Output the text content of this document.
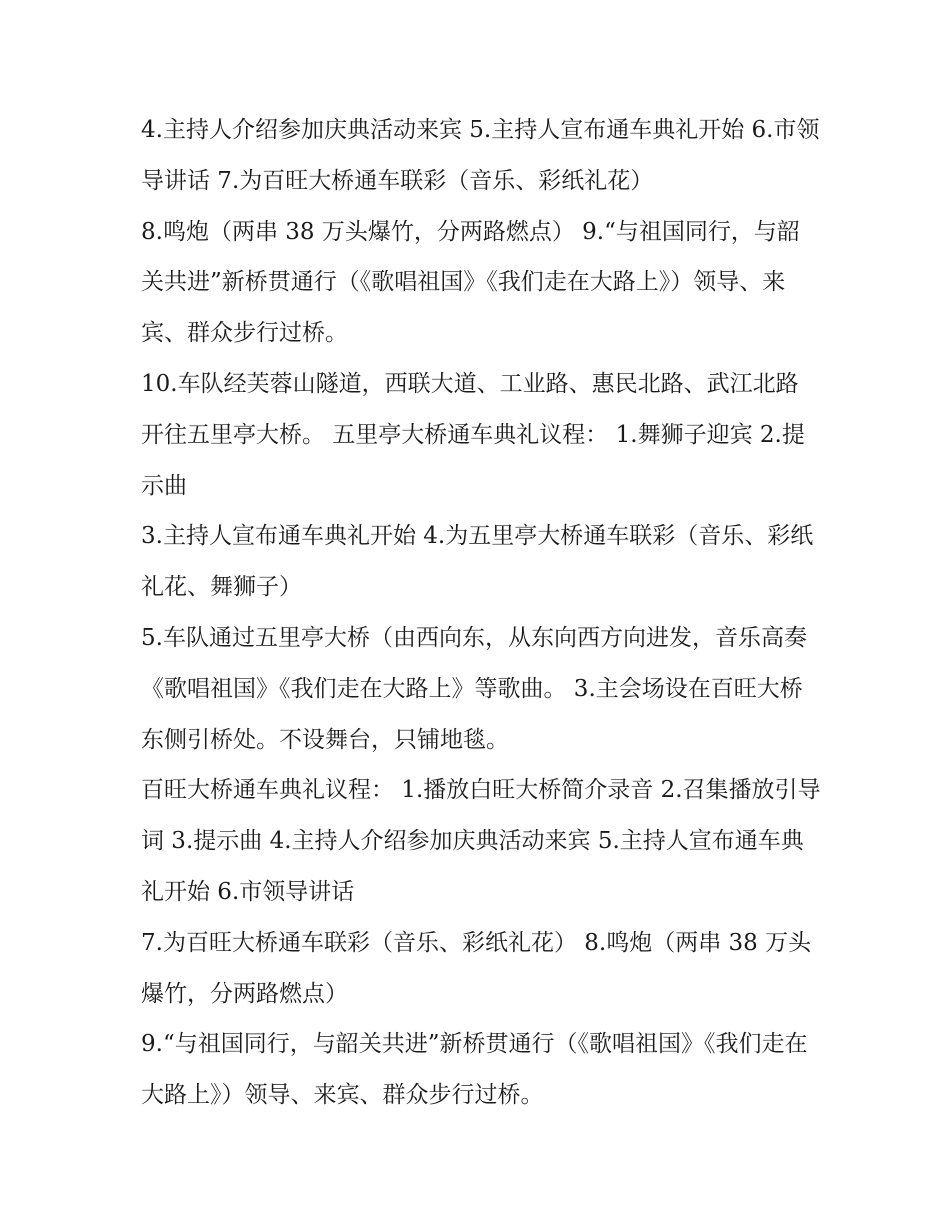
4.主持人介绍参加庆典活动来宾 5.主持人宣布通车典礼开始 6.市领导讲话 7.为百旺大桥通车联彩（音乐、彩纸礼花）

8.鸣炮（两串 38 万头爆竹，分两路燃点） 9.“与祖国同行，与韶关共进”新桥贯通行（《歌唱祖国》《我们走在大路上》）领导、来宾、群众步行过桥。

10.车队经芙蓉山隧道，西联大道、工业路、惠民北路、武江北路开往五里亭大桥。 五里亭大桥通车典礼议程： 1.舞狮子迎宾 2.提示曲

3.主持人宣布通车典礼开始 4.为五里亭大桥通车联彩（音乐、彩纸礼花、舞狮子）

5.车队通过五里亭大桥（由西向东，从东向西方向进发，音乐高奏《歌唱祖国》《我们走在大路上》等歌曲。 3.主会场设在百旺大桥东侧引桥处。不设舞台，只铺地毯。

百旺大桥通车典礼议程： 1.播放白旺大桥简介录音 2.召集播放引导词 3.提示曲 4.主持人介绍参加庆典活动来宾 5.主持人宣布通车典礼开始 6.市领导讲话

7.为百旺大桥通车联彩（音乐、彩纸礼花） 8.鸣炮（两串 38 万头爆竹，分两路燃点）

9.“与祖国同行，与韶关共进”新桥贯通行（《歌唱祖国》《我们走在大路上》）领导、来宾、群众步行过桥。
